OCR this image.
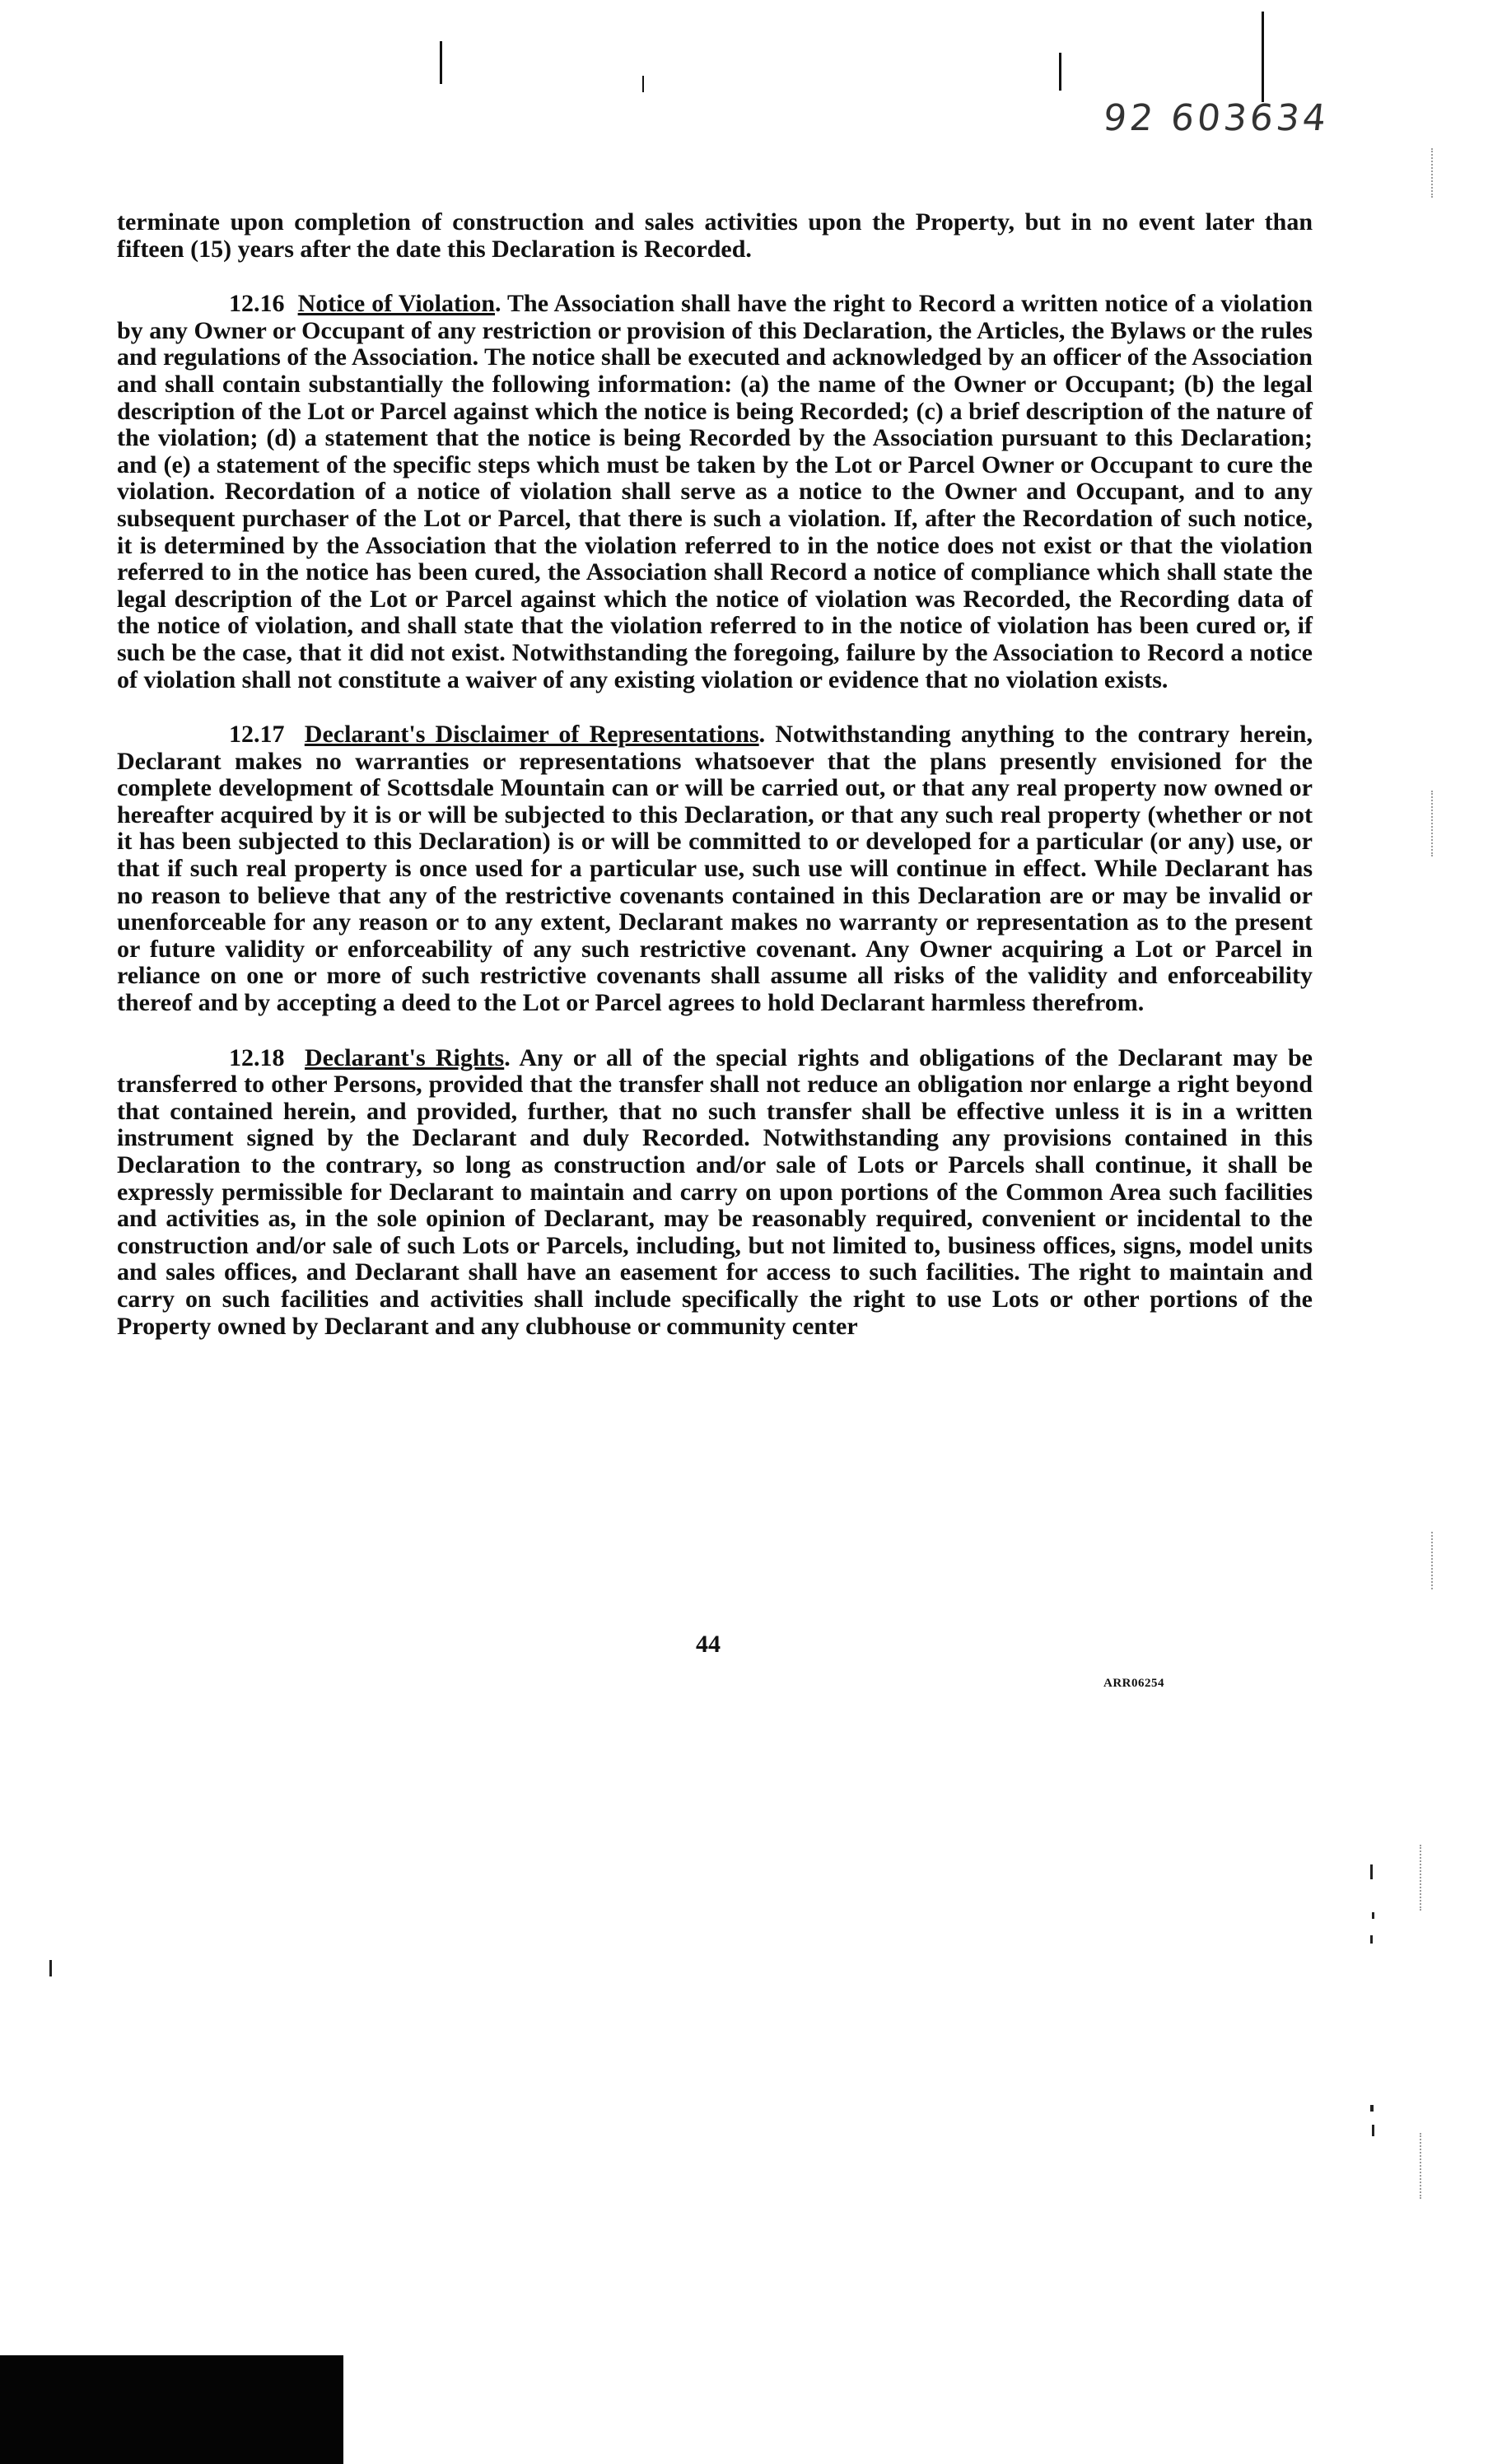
92 603634

terminate upon completion of construction and sales activities upon the Property, but in no event later than fifteen (15) years after the date this Declaration is Recorded.

12.16 Notice of Violation. The Association shall have the right to Record a written notice of a violation by any Owner or Occupant of any restriction or provision of this Declaration, the Articles, the Bylaws or the rules and regulations of the Association. The notice shall be executed and acknowledged by an officer of the Association and shall contain substantially the following information: (a) the name of the Owner or Occupant; (b) the legal description of the Lot or Parcel against which the notice is being Recorded; (c) a brief description of the nature of the violation; (d) a statement that the notice is being Recorded by the Association pursuant to this Declaration; and (e) a statement of the specific steps which must be taken by the Lot or Parcel Owner or Occupant to cure the violation. Recordation of a notice of violation shall serve as a notice to the Owner and Occupant, and to any subsequent purchaser of the Lot or Parcel, that there is such a violation. If, after the Recordation of such notice, it is determined by the Association that the violation referred to in the notice does not exist or that the violation referred to in the notice has been cured, the Association shall Record a notice of compliance which shall state the legal description of the Lot or Parcel against which the notice of violation was Recorded, the Recording data of the notice of violation, and shall state that the violation referred to in the notice of violation has been cured or, if such be the case, that it did not exist. Notwithstanding the foregoing, failure by the Association to Record a notice of violation shall not constitute a waiver of any existing violation or evidence that no violation exists.

12.17 Declarant's Disclaimer of Representations. Notwithstanding anything to the contrary herein, Declarant makes no warranties or representations whatsoever that the plans presently envisioned for the complete development of Scottsdale Mountain can or will be carried out, or that any real property now owned or hereafter acquired by it is or will be subjected to this Declaration, or that any such real property (whether or not it has been subjected to this Declaration) is or will be committed to or developed for a particular (or any) use, or that if such real property is once used for a particular use, such use will continue in effect. While Declarant has no reason to believe that any of the restrictive covenants contained in this Declaration are or may be invalid or unenforceable for any reason or to any extent, Declarant makes no warranty or representation as to the present or future validity or enforceability of any such restrictive covenant. Any Owner acquiring a Lot or Parcel in reliance on one or more of such restrictive covenants shall assume all risks of the validity and enforceability thereof and by accepting a deed to the Lot or Parcel agrees to hold Declarant harmless therefrom.

12.18 Declarant's Rights. Any or all of the special rights and obligations of the Declarant may be transferred to other Persons, provided that the transfer shall not reduce an obligation nor enlarge a right beyond that contained herein, and provided, further, that no such transfer shall be effective unless it is in a written instrument signed by the Declarant and duly Recorded. Notwithstanding any provisions contained in this Declaration to the contrary, so long as construction and/or sale of Lots or Parcels shall continue, it shall be expressly permissible for Declarant to maintain and carry on upon portions of the Common Area such facilities and activities as, in the sole opinion of Declarant, may be reasonably required, convenient or incidental to the construction and/or sale of such Lots or Parcels, including, but not limited to, business offices, signs, model units and sales offices, and Declarant shall have an easement for access to such facilities. The right to maintain and carry on such facilities and activities shall include specifically the right to use Lots or other portions of the Property owned by Declarant and any clubhouse or community center

44
ARR06254
